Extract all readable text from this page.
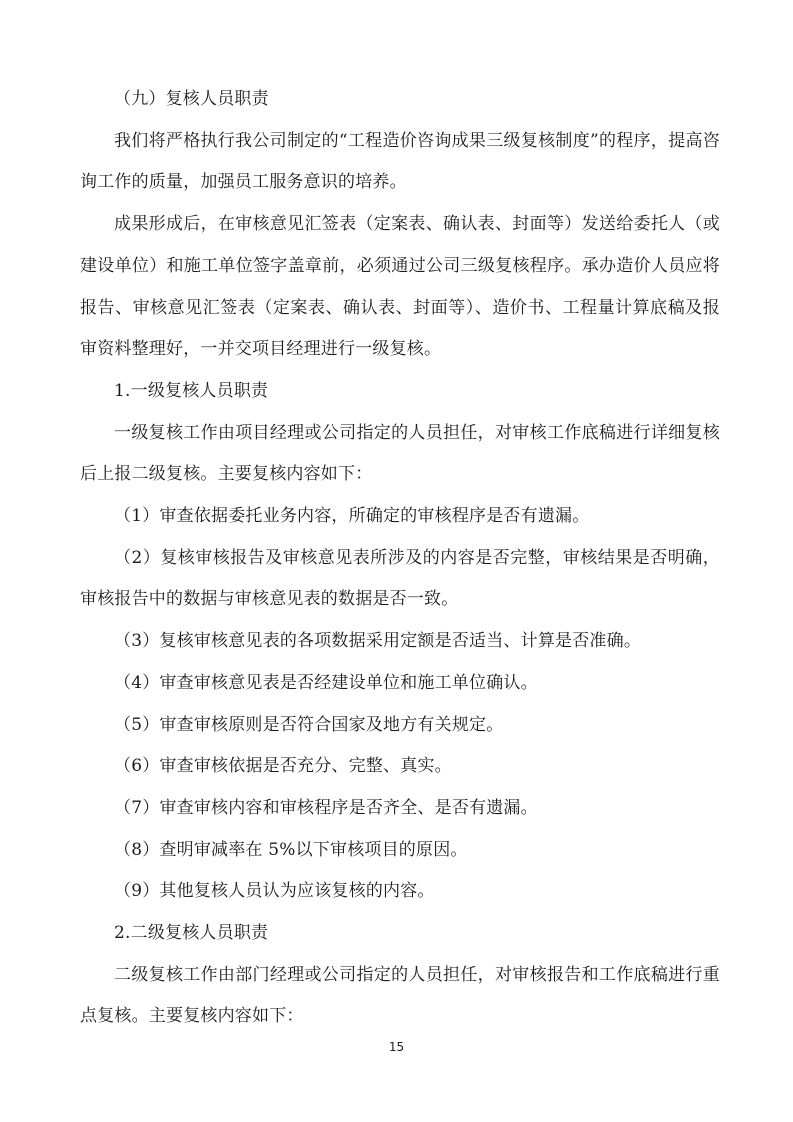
（九）复核人员职责

我们将严格执行我公司制定的“工程造价咨询成果三级复核制度”的程序，提高咨询工作的质量，加强员工服务意识的培养。

成果形成后，在审核意见汇签表（定案表、确认表、封面等）发送给委托人（或建设单位）和施工单位签字盖章前，必须通过公司三级复核程序。承办造价人员应将报告、审核意见汇签表（定案表、确认表、封面等）、造价书、工程量计算底稿及报审资料整理好，一并交项目经理进行一级复核。

1.一级复核人员职责

一级复核工作由项目经理或公司指定的人员担任，对审核工作底稿进行详细复核后上报二级复核。主要复核内容如下：

（1）审查依据委托业务内容，所确定的审核程序是否有遗漏。

（2）复核审核报告及审核意见表所涉及的内容是否完整，审核结果是否明确，审核报告中的数据与审核意见表的数据是否一致。

（3）复核审核意见表的各项数据采用定额是否适当、计算是否准确。

（4）审查审核意见表是否经建设单位和施工单位确认。

（5）审查审核原则是否符合国家及地方有关规定。

（6）审查审核依据是否充分、完整、真实。

（7）审查审核内容和审核程序是否齐全、是否有遗漏。

（8）查明审减率在 5%以下审核项目的原因。

（9）其他复核人员认为应该复核的内容。

2.二级复核人员职责

二级复核工作由部门经理或公司指定的人员担任，对审核报告和工作底稿进行重点复核。主要复核内容如下：

15
